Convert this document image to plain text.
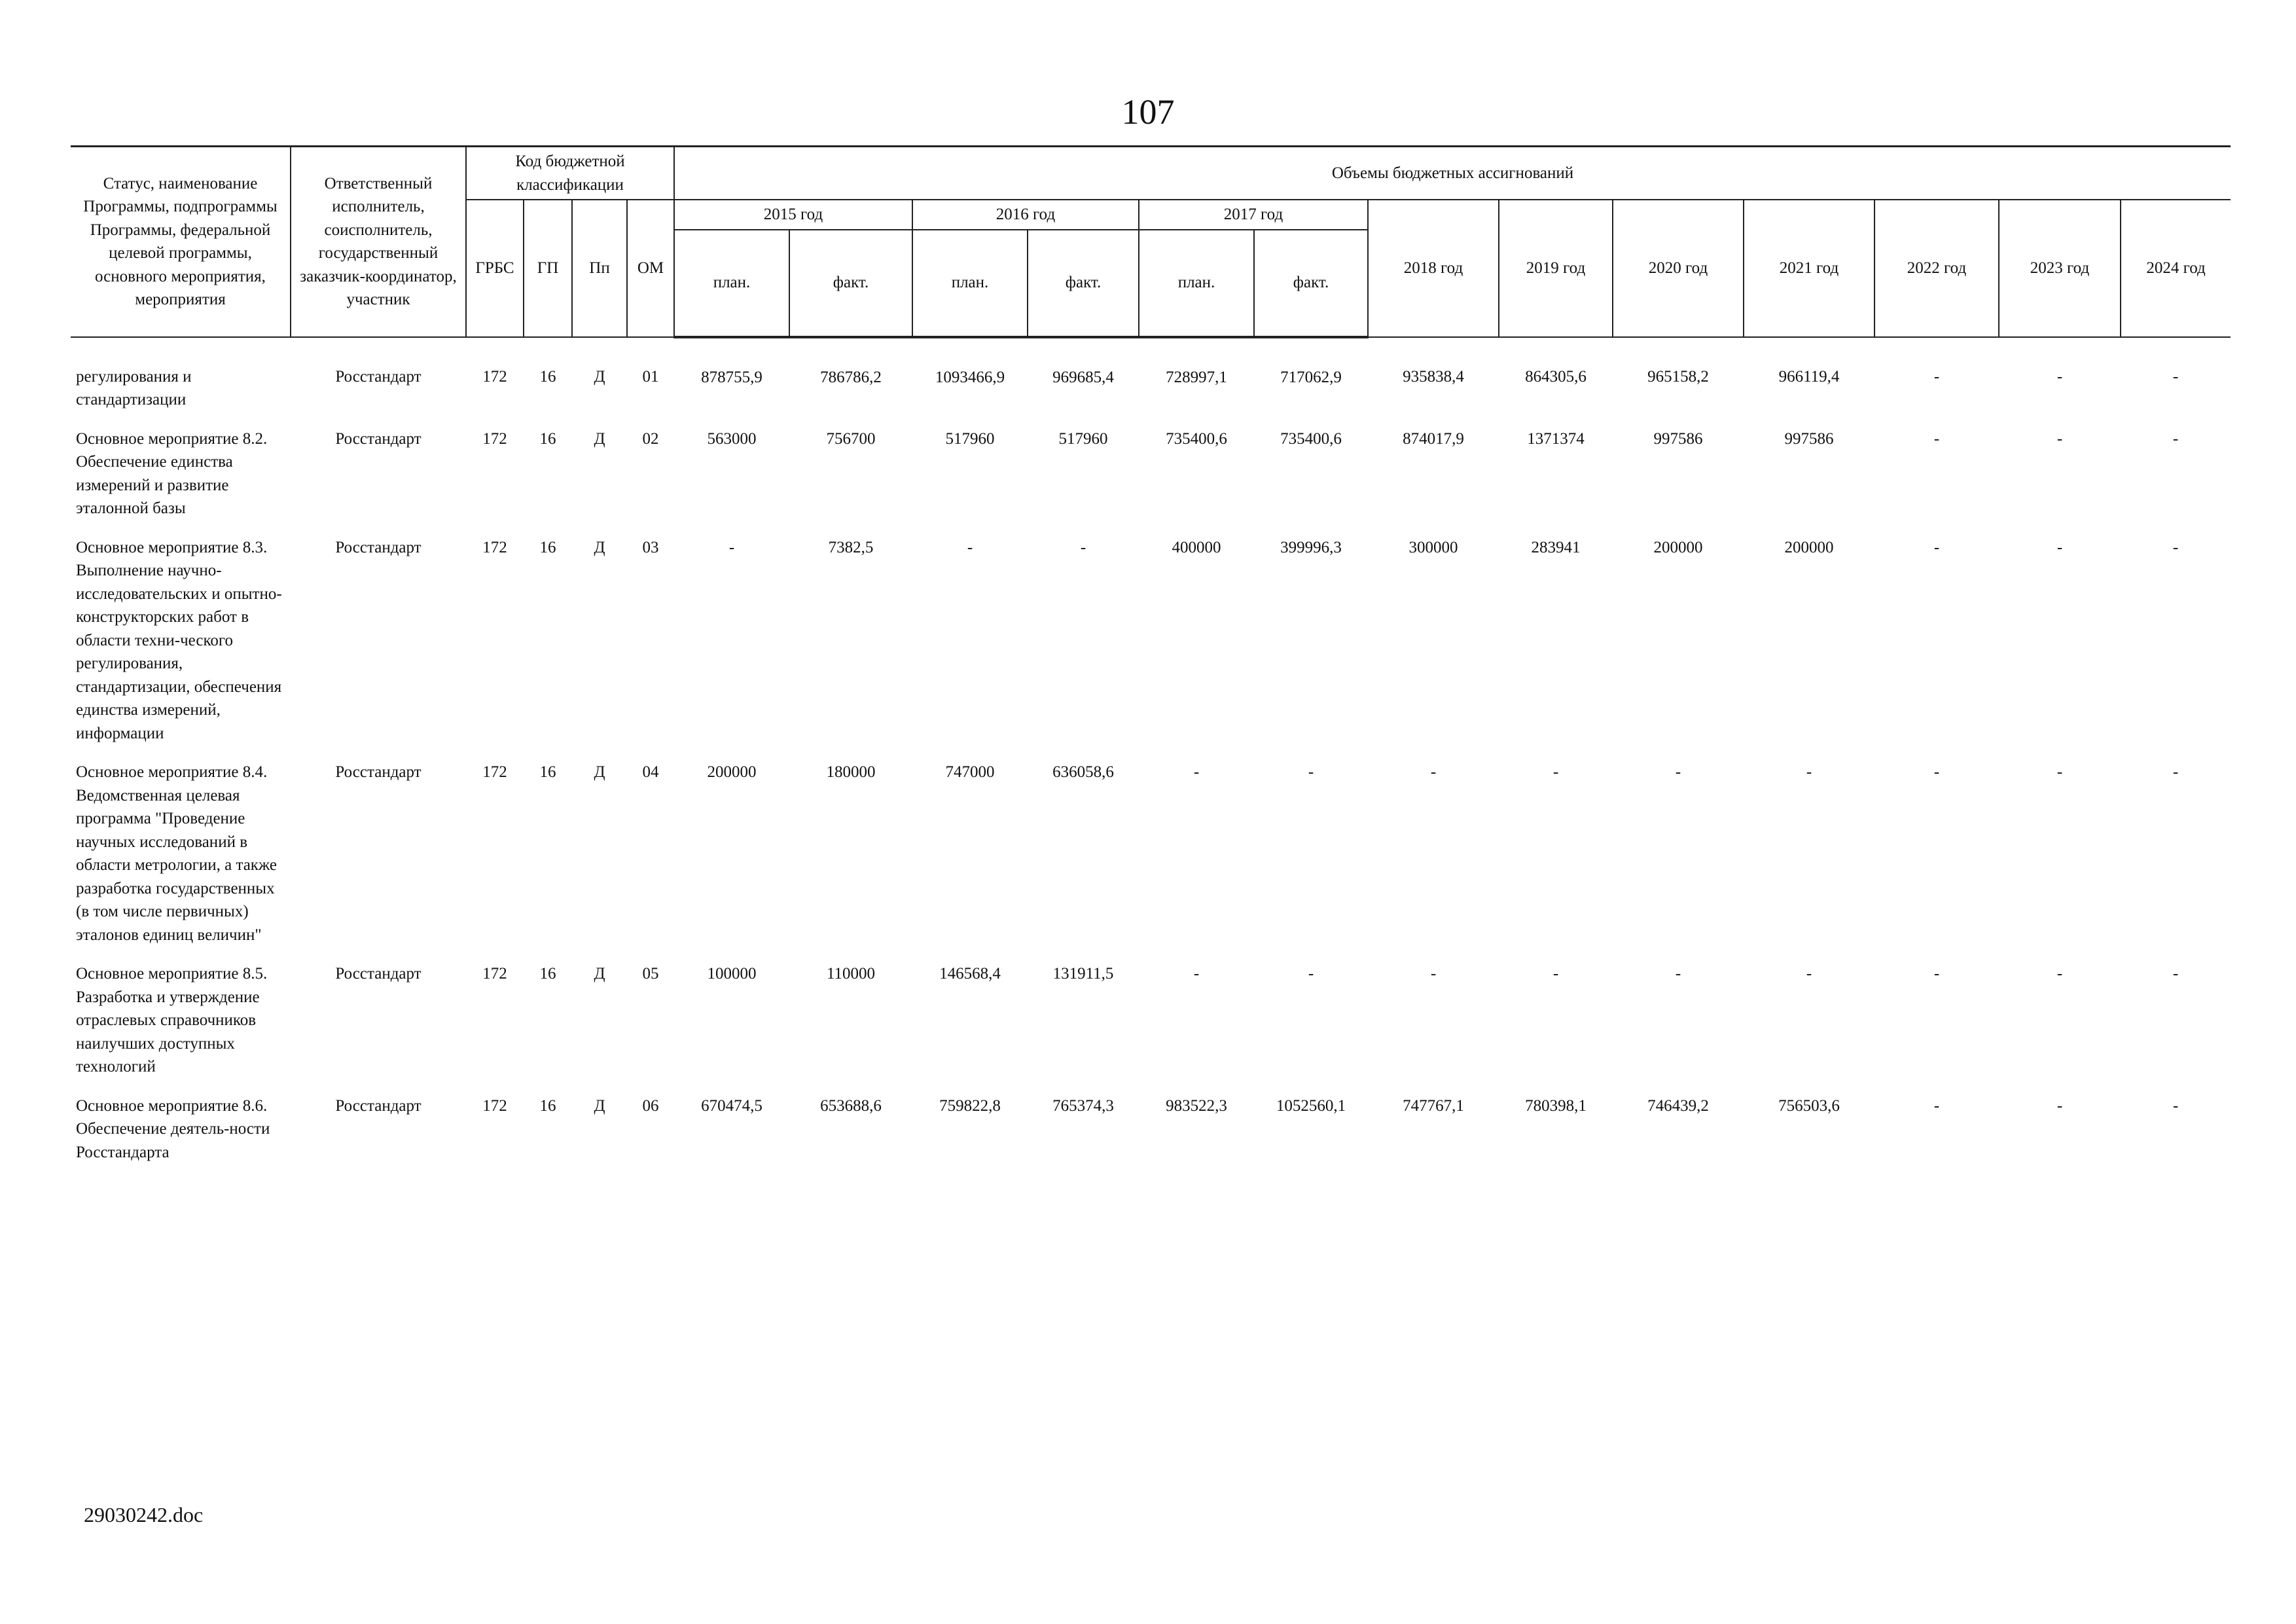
107
Статус, наименование Программы, подпрограммы Программы, федеральной целевой программы, основного мероприятия, мероприятия	Ответственный исполнитель, соисполнитель, государственный заказчик-координатор, участник	Код бюджетной классификации				Объемы бюджетных ассигнований												
		ГРБС	ГП	Пп	ОМ	2015 год		2016 год		2017 год		2018 год	2019 год	2020 год	2021 год	2022 год	2023 год	2024 год
						план.	факт.	план.	факт.	план.	факт.							
регулирования и стандартизации	Росстандарт	172	16	Д	01	878755,9	786786,2	1093466,9	969685,4	728997,1	717062,9	935838,4	864305,6	965158,2	966119,4	-	-	-
Основное мероприятие 8.2. Обеспечение единства измерений и развитие эталонной базы	Росстандарт	172	16	Д	02	563000	756700	517960	517960	735400,6	735400,6	874017,9	1371374	997586	997586	-	-	-
Основное мероприятие 8.3. Выполнение научно-исследовательских и опытно-конструкторских работ в области техни-ческого регулирования, стандартизации, обеспечения единства измерений, информации	Росстандарт	172	16	Д	03	-	7382,5	-	-	400000	399996,3	300000	283941	200000	200000	-	-	-
Основное мероприятие 8.4. Ведомственная целевая программа "Проведение научных исследований в области метрологии, а также разработка государственных (в том числе первичных) эталонов единиц величин"	Росстандарт	172	16	Д	04	200000	180000	747000	636058,6	-	-	-	-	-	-	-	-	-
Основное мероприятие 8.5. Разработка и утверждение отраслевых справочников наилучших доступных технологий	Росстандарт	172	16	Д	05	100000	110000	146568,4	131911,5	-	-	-	-	-	-	-	-	-
Основное мероприятие 8.6. Обеспечение деятель-ности Росстандарта	Росстандарт	172	16	Д	06	670474,5	653688,6	759822,8	765374,3	983522,3	1052560,1	747767,1	780398,1	746439,2	756503,6	-	-	-
29030242.doc
